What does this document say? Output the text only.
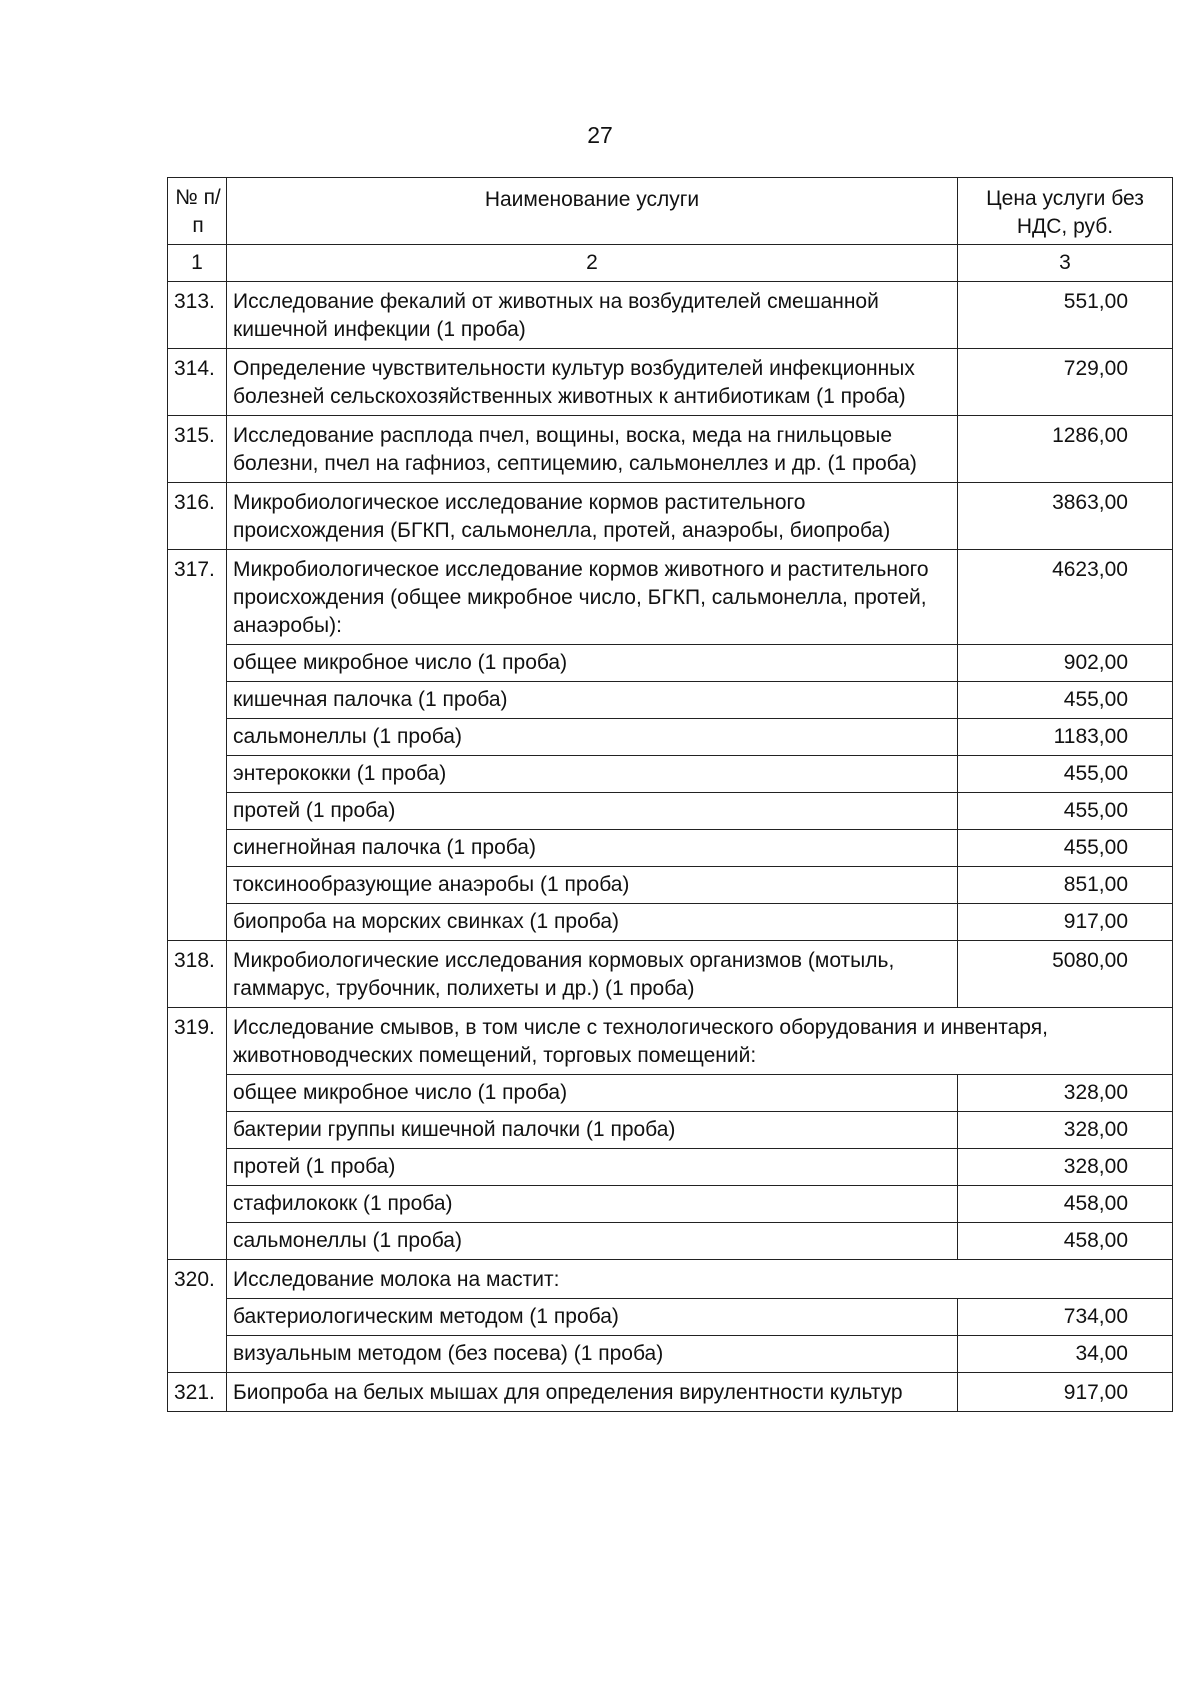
27
№ п/п	Наименование услуги	Цена услуги без НДС, руб.
1	2	3
313.	Исследование фекалий от животных на возбудителей смешанной кишечной инфекции (1 проба)	551,00
314.	Определение чувствительности культур возбудителей инфекционных болезней сельскохозяйственных животных к антибиотикам (1 проба)	729,00
315.	Исследование расплода пчел, вощины, воска, меда на гнильцовые болезни, пчел на гафниоз, септицемию, сальмонеллез и др. (1 проба)	1286,00
316.	Микробиологическое исследование кормов растительного происхождения (БГКП, сальмонелла, протей, анаэробы, биопроба)	3863,00
317.	Микробиологическое исследование кормов животного и растительного происхождения (общее микробное число, БГКП, сальмонелла, протей, анаэробы):	4623,00
	общее микробное число (1 проба)	902,00
	кишечная палочка (1 проба)	455,00
	сальмонеллы (1 проба)	1183,00
	энтерококки (1 проба)	455,00
	протей (1 проба)	455,00
	синегнойная палочка (1 проба)	455,00
	токсинообразующие анаэробы (1 проба)	851,00
	биопроба на морских свинках (1 проба)	917,00
318.	Микробиологические исследования кормовых организмов (мотыль, гаммарус, трубочник, полихеты и др.) (1 проба)	5080,00
319.	Исследование смывов, в том числе с технологического оборудования и инвентаря, животноводческих помещений, торговых помещений:	
	общее микробное число (1 проба)	328,00
	бактерии группы кишечной палочки (1 проба)	328,00
	протей (1 проба)	328,00
	стафилококк (1 проба)	458,00
	сальмонеллы (1 проба)	458,00
320.	Исследование молока на мастит:	
	бактериологическим методом (1 проба)	734,00
	визуальным методом (без посева) (1 проба)	34,00
321.	Биопроба на белых мышах для определения вирулентности культур	917,00
